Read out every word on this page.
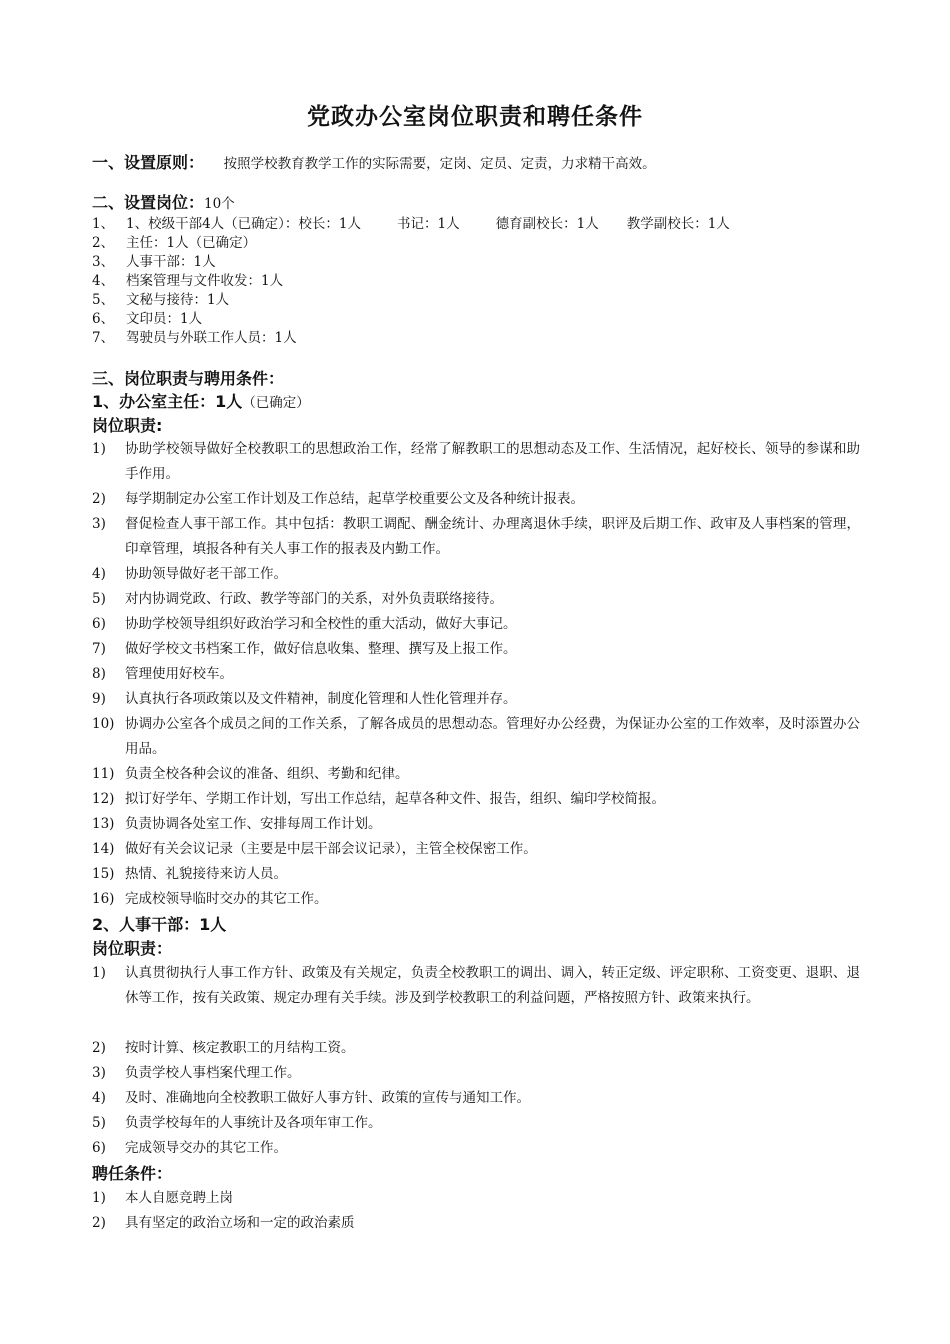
党政办公室岗位职责和聘任条件
一、设置原则： 按照学校教育教学工作的实际需要，定岗、定员、定责，力求精干高效。
二、设置岗位：10个
1、 1、校级干部4人（已确定）：校长：1人	书记：1人	德育副校长：1人 教学副校长：1人
2、 主任：1人（已确定）
3、 人事干部：1人
4、 档案管理与文件收发：1人
5、 文秘与接待：1人
6、 文印员：1人
7、 驾驶员与外联工作人员：1人
三、岗位职责与聘用条件：
1、办公室主任：1人（已确定）
岗位职责:
1)	协助学校领导做好全校教职工的思想政治工作，经常了解教职工的思想动态及工作、生活情况，起好校长、领导的参谋和助手作用。
2)	每学期制定办公室工作计划及工作总结，起草学校重要公文及各种统计报表。
3)	督促检查人事干部工作。其中包括：教职工调配、酬金统计、办理离退休手续，职评及后期工作、政审及人事档案的管理，印章管理，填报各种有关人事工作的报表及内勤工作。
4)	协助领导做好老干部工作。
5)	对内协调党政、行政、教学等部门的关系，对外负责联络接待。
6)	协助学校领导组织好政治学习和全校性的重大活动，做好大事记。
7)	做好学校文书档案工作，做好信息收集、整理、撰写及上报工作。
8)	管理使用好校车。
9)	认真执行各项政策以及文件精神，制度化管理和人性化管理并存。
10) 协调办公室各个成员之间的工作关系，了解各成员的思想动态。管理好办公经费，为保证办公室的工作效率，及时添置办公用品。
11) 负责全校各种会议的准备、组织、考勤和纪律。
12) 拟订好学年、学期工作计划，写出工作总结，起草各种文件、报告，组织、编印学校简报。
13) 负责协调各处室工作、安排每周工作计划。
14) 做好有关会议记录（主要是中层干部会议记录），主管全校保密工作。
15) 热情、礼貌接待来访人员。
16) 完成校领导临时交办的其它工作。
2、人事干部：1人
岗位职责：
1)	认真贯彻执行人事工作方针、政策及有关规定，负责全校教职工的调出、调入，转正定级、评定职称、工资变更、退职、退休等工作，按有关政策、规定办理有关手续。涉及到学校教职工的利益问题，严格按照方针、政策来执行。
2)	按时计算、核定教职工的月结构工资。
3)	负责学校人事档案代理工作。
4)	及时、准确地向全校教职工做好人事方针、政策的宣传与通知工作。
5)	负责学校每年的人事统计及各项年审工作。
6)	完成领导交办的其它工作。
聘任条件：
1)	本人自愿竞聘上岗
2)	具有坚定的政治立场和一定的政治素质
